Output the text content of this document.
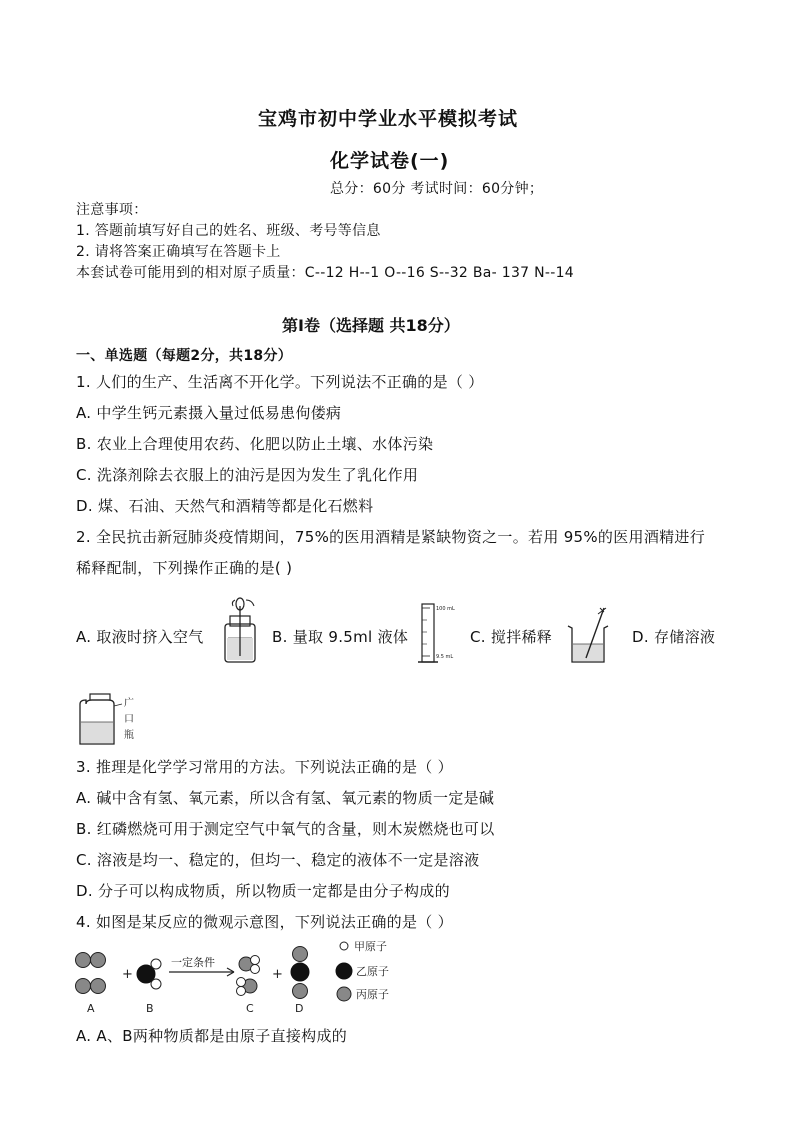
宝鸡市初中学业水平模拟考试
化学试卷(一)
总分：60分 考试时间：60分钟；
注意事项：
1. 答题前填写好自己的姓名、班级、考号等信息
2. 请将答案正确填写在答题卡上
本套试卷可能用到的相对原子质量：C--12 H--1 O--16 S--32 Ba- 137 N--14
第Ⅰ卷（选择题 共18分）
一、单选题（每题2分，共18分）
1. 人们的生产、生活离不开化学。下列说法不正确的是（ ）
A. 中学生钙元素摄入量过低易患佝偻病
B. 农业上合理使用农药、化肥以防止土壤、水体污染
C. 洗涤剂除去衣服上的油污是因为发生了乳化作用
D. 煤、石油、天然气和酒精等都是化石燃料
2. 全民抗击新冠肺炎疫情期间，75%的医用酒精是紧缺物资之一。若用 95%的医用酒精进行
稀释配制，下列操作正确的是( )
A. 取液时挤入空气	B. 量取 9.5ml 液体
100 mL
9.5 mL
C. 搅拌稀释	D. 存储溶液
广
口
瓶
3. 推理是化学学习常用的方法。下列说法正确的是（ ）
A. 碱中含有氢、氧元素，所以含有氢、氧元素的物质一定是碱
B. 红磷燃烧可用于测定空气中氧气的含量，则木炭燃烧也可以
C. 溶液是均一、稳定的，但均一、稳定的液体不一定是溶液
D. 分子可以构成物质，所以物质一定都是由分子构成的
4. 如图是某反应的微观示意图，下列说法正确的是（ ）
+
一定条件
+
A	B	C	D
甲原子
乙原子
丙原子
A. A、B两种物质都是由原子直接构成的
